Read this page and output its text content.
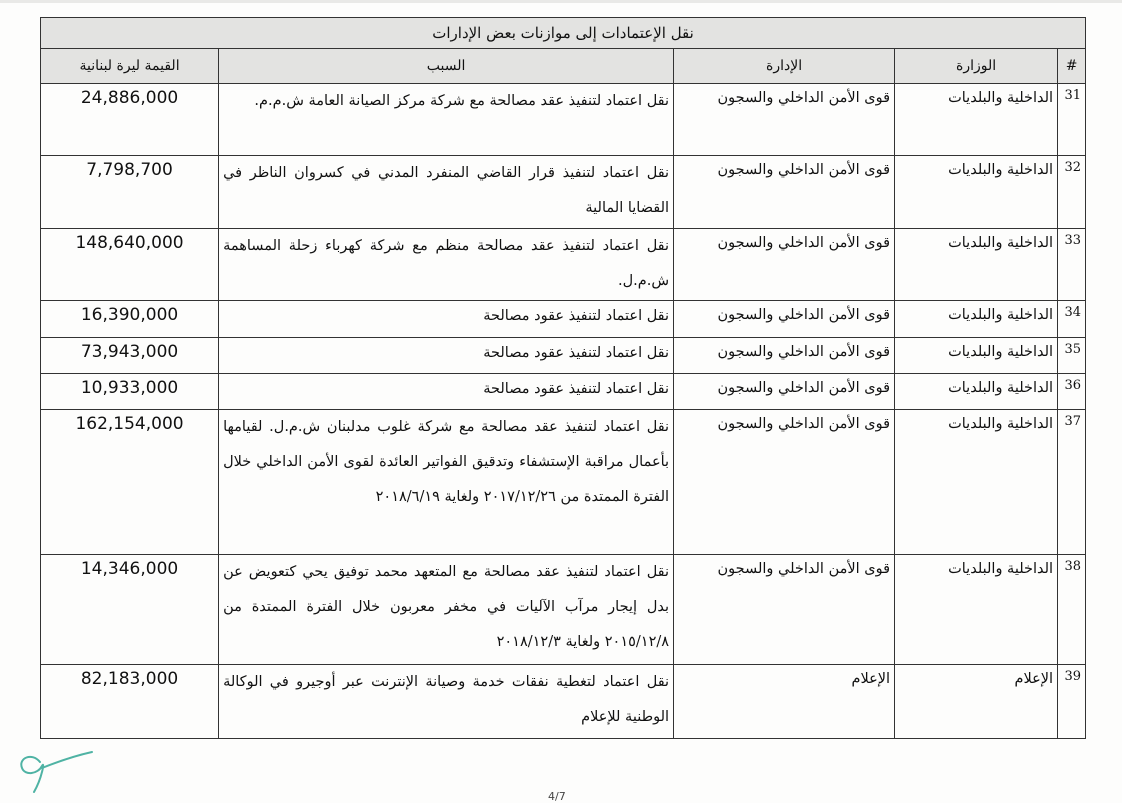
نقل الإعتمادات إلى موازنات بعض الإدارات				
#	الوزارة	الإدارة	السبب	القيمة ليرة لبنانية
31	الداخلية والبلديات	قوى الأمن الداخلي والسجون	نقل اعتماد لتنفيذ عقد مصالحة مع شركة مركز الصيانة العامة ش.م.م.	24,886,000
32	الداخلية والبلديات	قوى الأمن الداخلي والسجون	نقل اعتماد لتنفيذ قرار القاضي المنفرد المدني في كسروان الناظر في القضايا المالية	7,798,700
33	الداخلية والبلديات	قوى الأمن الداخلي والسجون	نقل اعتماد لتنفيذ عقد مصالحة منظم مع شركة كهرباء زحلة المساهمة ش.م.ل.	148,640,000
34	الداخلية والبلديات	قوى الأمن الداخلي والسجون	نقل اعتماد لتنفيذ عقود مصالحة	16,390,000
35	الداخلية والبلديات	قوى الأمن الداخلي والسجون	نقل اعتماد لتنفيذ عقود مصالحة	73,943,000
36	الداخلية والبلديات	قوى الأمن الداخلي والسجون	نقل اعتماد لتنفيذ عقود مصالحة	10,933,000
37	الداخلية والبلديات	قوى الأمن الداخلي والسجون	نقل اعتماد لتنفيذ عقد مصالحة مع شركة غلوب مدلبنان ش.م.ل. لقيامها بأعمال مراقبة الإستشفاء وتدقيق الفواتير العائدة لقوى الأمن الداخلي خلال الفترة الممتدة من ٢٠١٧/١٢/٢٦ ولغاية ٢٠١٨/٦/١٩	162,154,000
38	الداخلية والبلديات	قوى الأمن الداخلي والسجون	نقل اعتماد لتنفيذ عقد مصالحة مع المتعهد محمد توفيق يحي كتعويض عن بدل إيجار مرآب الآليات في مخفر معربون خلال الفترة الممتدة من ٢٠١٥/١٢/٨ ولغاية ٢٠١٨/١٢/٣	14,346,000
39	الإعلام	الإعلام	نقل اعتماد لتغطية نفقات خدمة وصيانة الإنترنت عبر أوجيرو في الوكالة الوطنية للإعلام	82,183,000
4/7
